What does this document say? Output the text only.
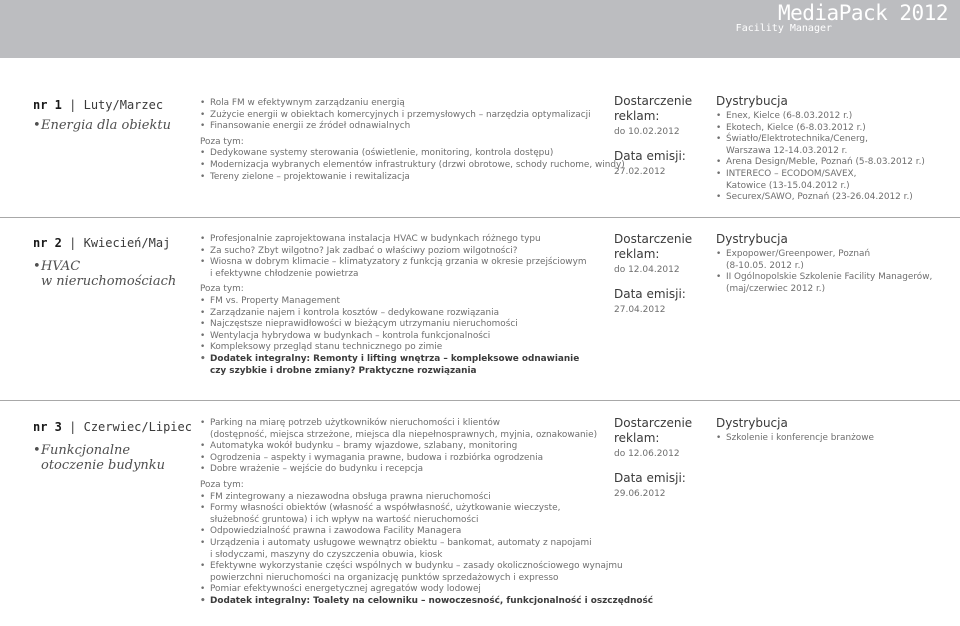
MediaPack 2012
Facility Manager
nr 1 | Luty/Marzec
•Energia dla obiektu
• Rola FM w efektywnym zarządzaniu energią
• Zużycie energii w obiektach komercyjnych i przemysłowych – narzędzia optymalizacji
• Finansowanie energii ze źródeł odnawialnych
Poza tym:
• Dedykowane systemy sterowania (oświetlenie, monitoring, kontrola dostępu)
• Modernizacja wybranych elementów infrastruktury (drzwi obrotowe, schody ruchome, windy)
• Tereny zielone – projektowanie i rewitalizacja
Dostarczenie
reklam:
do 10.02.2012
Data emisji:
27.02.2012
Dystrybucja
• Enex, Kielce (6-8.03.2012 r.)
• Ekotech, Kielce (6-8.03.2012 r.)
• Światło/Elektrotechnika/Cenerg,
Warszawa 12-14.03.2012 r.
• Arena Design/Meble, Poznań (5-8.03.2012 r.)
• INTERECO – ECODOM/SAVEX,
Katowice (13-15.04.2012 r.)
• Securex/SAWO, Poznań (23-26.04.2012 r.)
nr 2 | Kwiecień/Maj
•HVAC
w nieruchomościach
• Profesjonalnie zaprojektowana instalacja HVAC w budynkach różnego typu
• Za sucho? Zbyt wilgotno? Jak zadbać o właściwy poziom wilgotności?
• Wiosna w dobrym klimacie – klimatyzatory z funkcją grzania w okresie przejściowym
i efektywne chłodzenie powietrza
Poza tym:
• FM vs. Property Management
• Zarządzanie najem i kontrola kosztów – dedykowane rozwiązania
• Najczęstsze nieprawidłowości w bieżącym utrzymaniu nieruchomości
• Wentylacja hybrydowa w budynkach – kontrola funkcjonalności
• Kompleksowy przegląd stanu technicznego po zimie
• Dodatek integralny: Remonty i lifting wnętrza – kompleksowe odnawianie
czy szybkie i drobne zmiany? Praktyczne rozwiązania
Dostarczenie
reklam:
do 12.04.2012
Data emisji:
27.04.2012
Dystrybucja
• Expopower/Greenpower, Poznań
(8-10.05. 2012 r.)
• II Ogólnopolskie Szkolenie Facility Managerów,
(maj/czerwiec 2012 r.)
nr 3 | Czerwiec/Lipiec
•Funkcjonalne
otoczenie budynku
• Parking na miarę potrzeb użytkowników nieruchomości i klientów
(dostępność, miejsca strzeżone, miejsca dla niepełnosprawnych, myjnia, oznakowanie)
• Automatyka wokół budynku – bramy wjazdowe, szlabany, monitoring
• Ogrodzenia – aspekty i wymagania prawne, budowa i rozbiórka ogrodzenia
• Dobre wrażenie – wejście do budynku i recepcja
Poza tym:
• FM zintegrowany a niezawodna obsługa prawna nieruchomości
• Formy własności obiektów (własność a współwłasność, użytkowanie wieczyste,
służebność gruntowa) i ich wpływ na wartość nieruchomości
• Odpowiedzialność prawna i zawodowa Facility Managera
• Urządzenia i automaty usługowe wewnątrz obiektu – bankomat, automaty z napojami
i słodyczami, maszyny do czyszczenia obuwia, kiosk
• Efektywne wykorzystanie części wspólnych w budynku – zasady okolicznościowego wynajmu
powierzchni nieruchomości na organizację punktów sprzedażowych i expresso
• Pomiar efektywności energetycznej agregatów wody lodowej
• Dodatek integralny: Toalety na celowniku – nowoczesność, funkcjonalność i oszczędność
Dostarczenie
reklam:
do 12.06.2012
Data emisji:
29.06.2012
Dystrybucja
• Szkolenie i konferencje branżowe
